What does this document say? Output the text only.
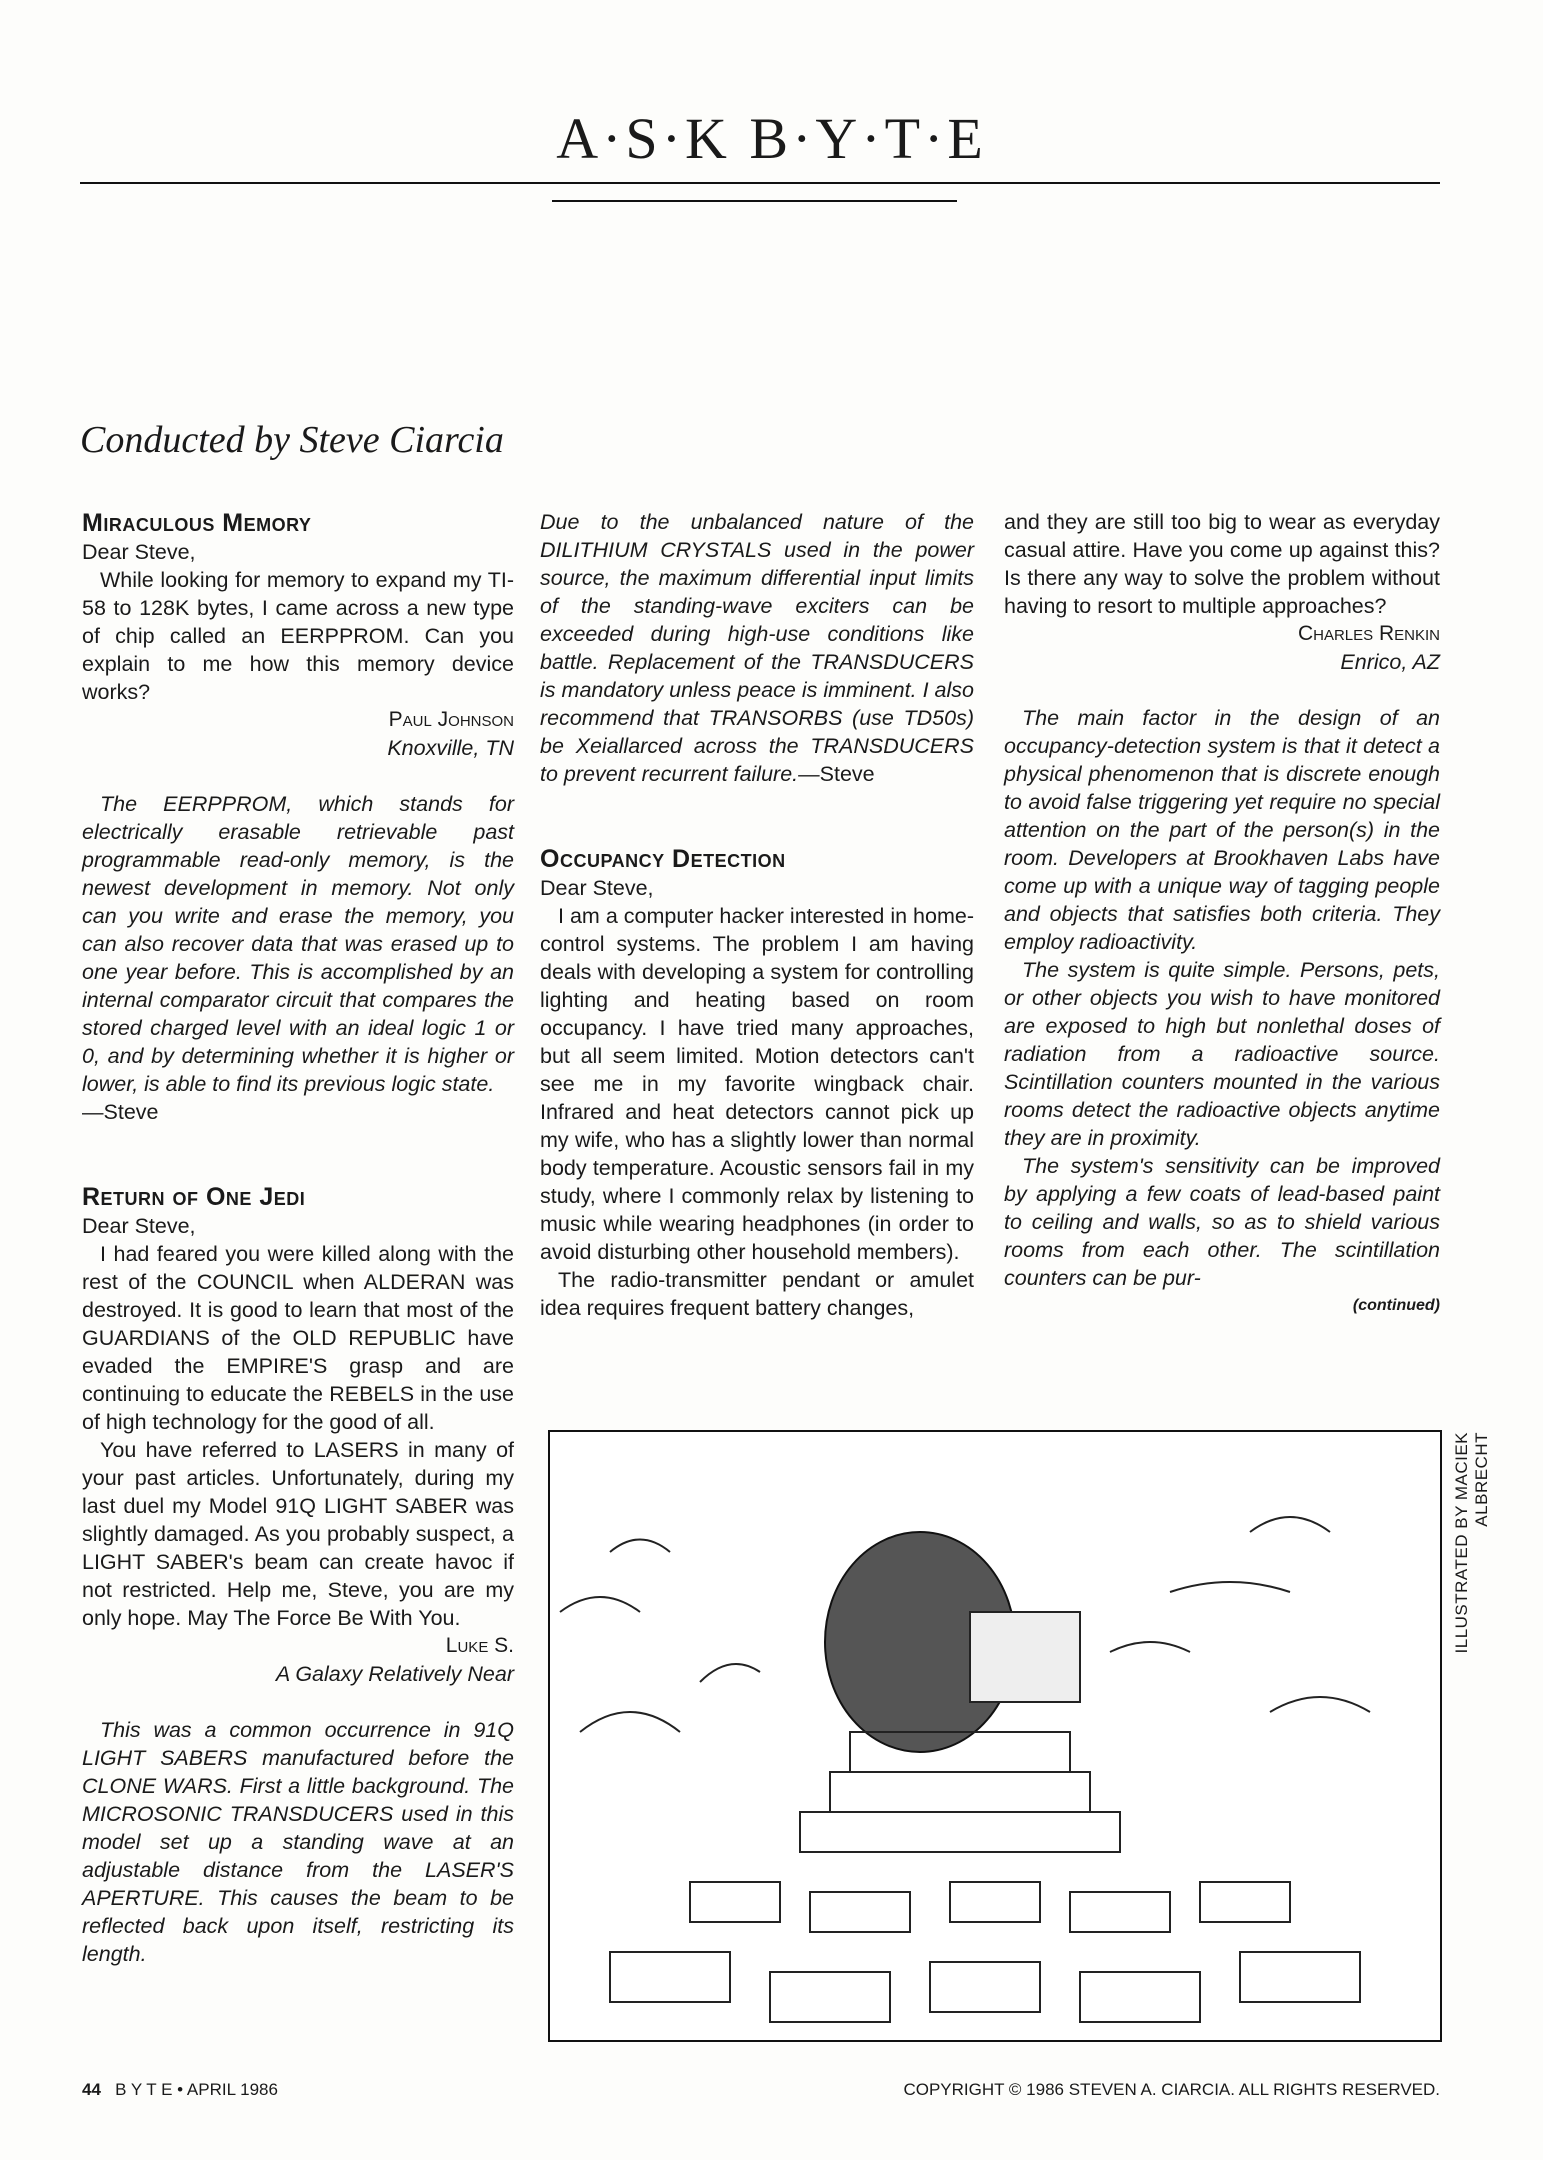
A·S·K B·Y·T·E
Conducted by Steve Ciarcia
Miraculous Memory

Dear Steve,

While looking for memory to expand my TI-58 to 128K bytes, I came across a new type of chip called an EERPPROM. Can you explain to me how this memory device works?

Paul Johnson
Knoxville, TN

The EERPPROM, which stands for electrically erasable retrievable past programmable read-only memory, is the newest development in memory. Not only can you write and erase the memory, you can also recover data that was erased up to one year before. This is accomplished by an internal comparator circuit that compares the stored charged level with an ideal logic 1 or 0, and by determining whether it is higher or lower, is able to find its previous logic state.

—Steve

Return of One Jedi

Dear Steve,

I had feared you were killed along with the rest of the COUNCIL when ALDERAN was destroyed. It is good to learn that most of the GUARDIANS of the OLD REPUBLIC have evaded the EMPIRE'S grasp and are continuing to educate the REBELS in the use of high technology for the good of all.

You have referred to LASERS in many of your past articles. Unfortunately, during my last duel my Model 91Q LIGHT SABER was slightly damaged. As you probably suspect, a LIGHT SABER's beam can create havoc if not restricted. Help me, Steve, you are my only hope. May The Force Be With You.

Luke S.
A Galaxy Relatively Near

This was a common occurrence in 91Q LIGHT SABERS manufactured before the CLONE WARS. First a little background. The MICROSONIC TRANSDUCERS used in this model set up a standing wave at an adjustable distance from the LASER'S APERTURE. This causes the beam to be reflected back upon itself, restricting its length.

Due to the unbalanced nature of the DILITHIUM CRYSTALS used in the power source, the maximum differential input limits of the standing-wave exciters can be exceeded during high-use conditions like battle. Replacement of the TRANSDUCERS is mandatory unless peace is imminent. I also recommend that TRANSORBS (use TD50s) be Xeiallarced across the TRANSDUCERS to prevent recurrent failure.

—Steve
Occupancy Detection

Dear Steve,

I am a computer hacker interested in home-control systems. The problem I am having deals with developing a system for controlling lighting and heating based on room occupancy. I have tried many approaches, but all seem limited. Motion detectors can't see me in my favorite wingback chair. Infrared and heat detectors cannot pick up my wife, who has a slightly lower than normal body temperature. Acoustic sensors fail in my study, where I commonly relax by listening to music while wearing headphones (in order to avoid disturbing other household members).

The radio-transmitter pendant or amulet idea requires frequent battery changes,

and they are still too big to wear as everyday casual attire. Have you come up against this? Is there any way to solve the problem without having to resort to multiple approaches?

Charles Renkin
Enrico, AZ

The main factor in the design of an occupancy-detection system is that it detect a physical phenomenon that is discrete enough to avoid false triggering yet require no special attention on the part of the person(s) in the room. Developers at Brookhaven Labs have come up with a unique way of tagging people and objects that satisfies both criteria. They employ radioactivity.

The system is quite simple. Persons, pets, or other objects you wish to have monitored are exposed to high but nonlethal doses of radiation from a radioactive source. Scintillation counters mounted in the various rooms detect the radioactive objects anytime they are in proximity.

The system's sensitivity can be improved by applying a few coats of lead-based paint to ceiling and walls, so as to shield various rooms from each other. The scintillation counters can be pur-

(continued)
ILLUSTRATED BY MACIEK ALBRECHT
44 B Y T E • APRIL 1986	COPYRIGHT © 1986 STEVEN A. CIARCIA. ALL RIGHTS RESERVED.
